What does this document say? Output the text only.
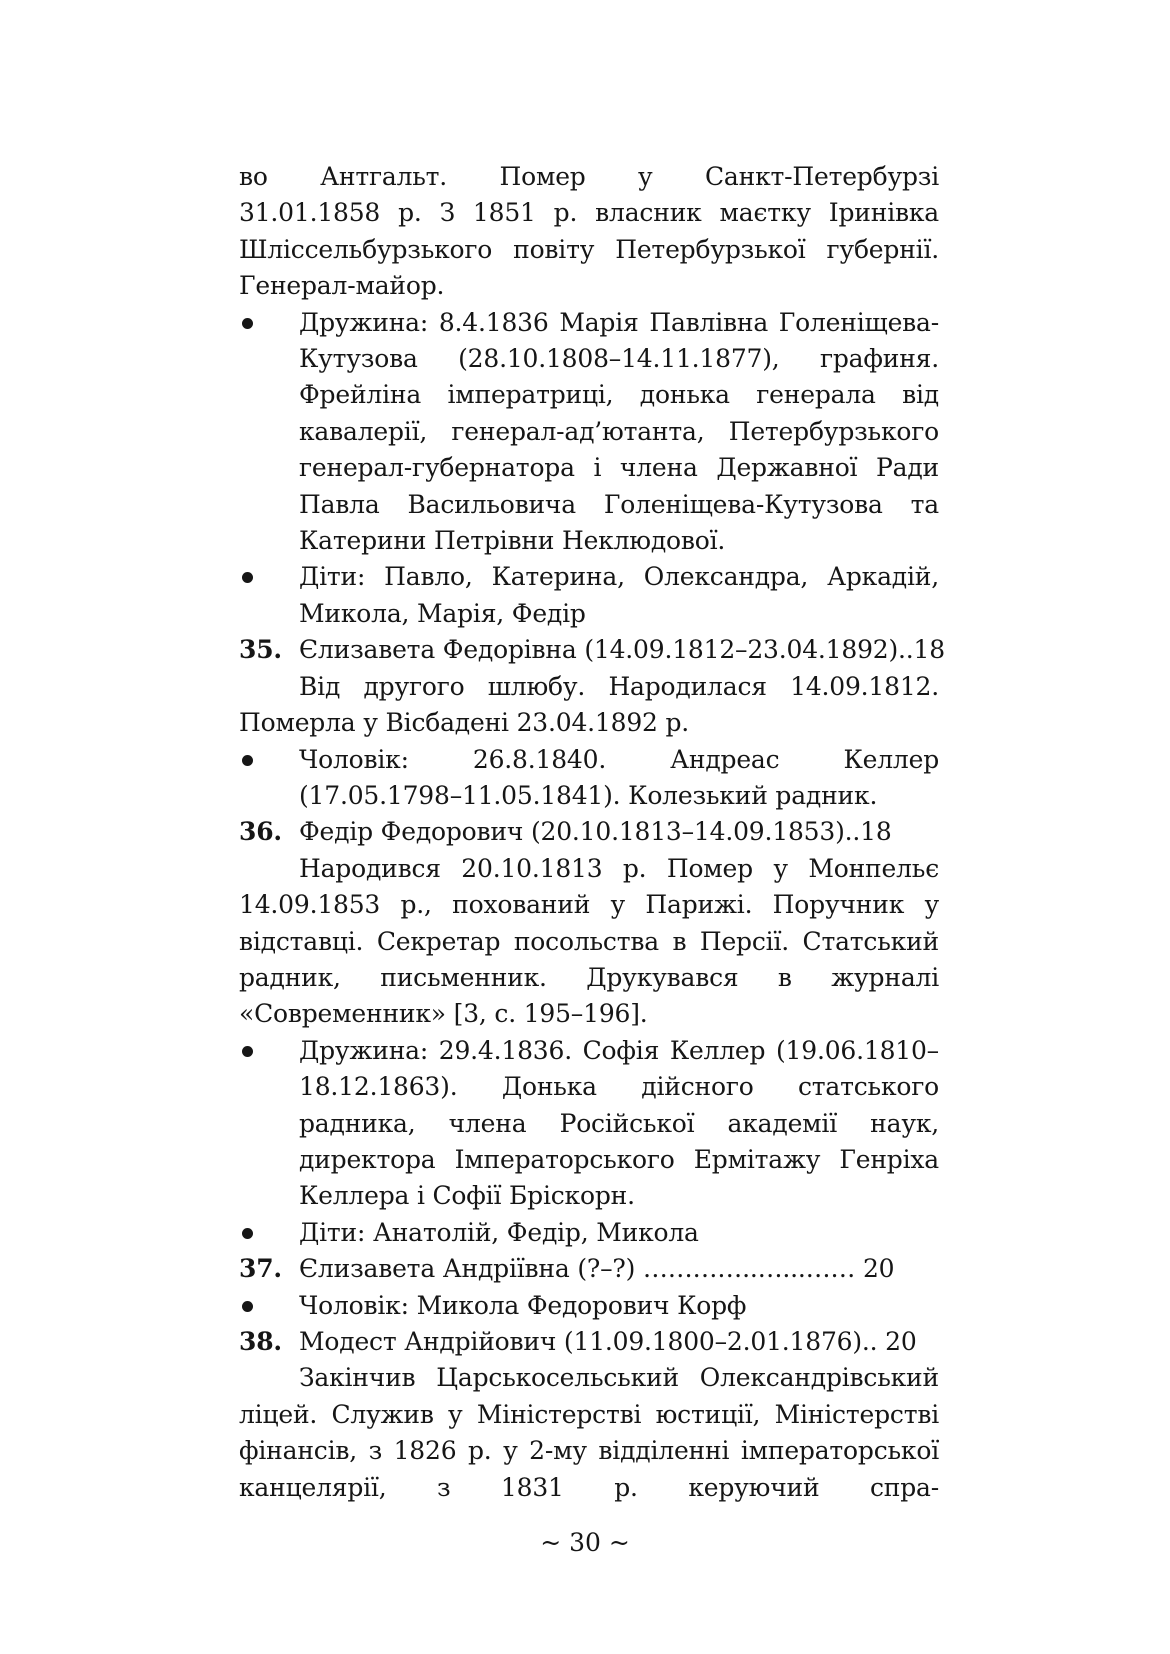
во Антгальт. Помер у Санкт-Петербурзі
31.01.1858 р. З 1851 р. власник маєтку Іринівка
Шліссельбурзького повіту Петербурзької губернії.
Генерал-майор.

Дружина: 8.4.1836 Марія Павлівна Голеніщева-Кутузова (28.10.1808–14.11.1877), графиня. Фрейліна імператриці, донька генерала від кавалерії, генерал-ад’ютанта, Петербурзького генерал-губернатора і члена Державної Ради Павла Васильовича Голеніщева-Кутузова та Катерини Петрівни Неклюдової.
Діти: Павло, Катерина, Олександра, Аркадій, Микола, Марія, Федір
35. Єлизавета Федорівна (14.09.1812–23.04.1892)..18

Від другого шлюбу. Народилася 14.09.1812. Померла у Вісбадені 23.04.1892 р.

Чоловік: 26.8.1840. Андреас Келлер (17.05.1798–11.05.1841). Колезький радник.
36. Федір Федорович (20.10.1813–14.09.1853)..18

Народився 20.10.1813 р. Помер у Монпельє 14.09.1853 р., похований у Парижі. Поручник у відставці. Секретар посольства в Персії. Статський радник, письменник. Друкувався в журналі «Современник» [3, с. 195–196].

Дружина: 29.4.1836. Софія Келлер (19.06.1810–18.12.1863). Донька дійсного статського радника, члена Російської академії наук, директора Імператорського Ермітажу Генріха Келлера і Софії Бріскорн.
Діти: Анатолій, Федір, Микола
37. Єлизавета Андріївна (?–?) …………..…...…… 20
Чоловік: Микола Федорович Корф
38. Модест Андрійович (11.09.1800–2.01.1876).. 20

Закінчив Царськосельський Олександрівський ліцей. Служив у Міністерстві юстиції, Міністерстві фінансів, з 1826 р. у 2-му відділенні імператорської канцелярії, з 1831 р. керуючий спра-

~ 30 ~
